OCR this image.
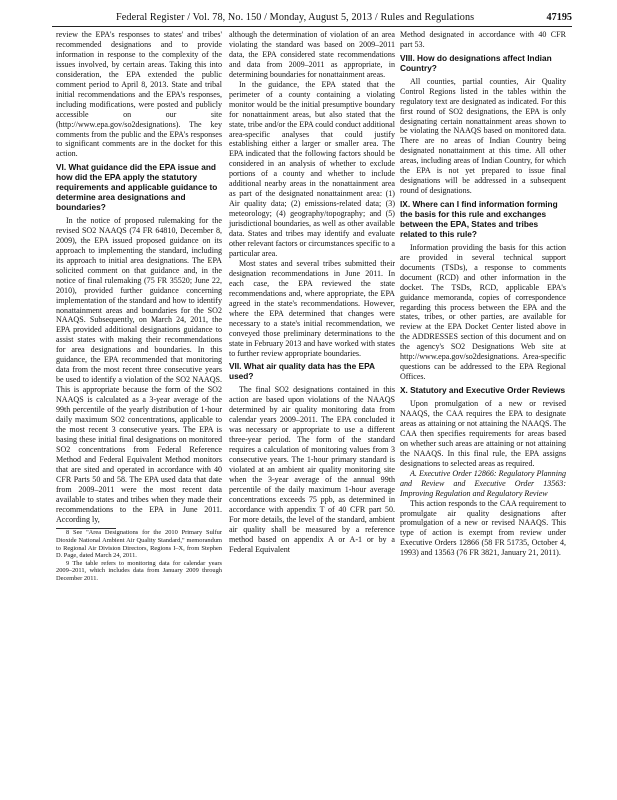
Federal Register / Vol. 78, No. 150 / Monday, August 5, 2013 / Rules and Regulations	47195

review the EPA's responses to states' and tribes' recommended designations and to provide information in response to the complexity of the issues involved, by certain areas. Taking this into consideration, the EPA extended the public comment period to April 8, 2013. State and tribal initial recommendations and the EPA's responses, including modifications, were posted and publicly accessible on our site (http://www.epa.gov/so2designations). The key comments from the public and the EPA's responses to significant comments are in the docket for this action.

VI. What guidance did the EPA issue and how did the EPA apply the statutory requirements and applicable guidance to determine area designations and boundaries?

In the notice of proposed rulemaking for the revised SO2 NAAQS (74 FR 64810, December 8, 2009), the EPA issued proposed guidance on its approach to implementing the standard, including its approach to initial area designations. The EPA solicited comment on that guidance and, in the notice of final rulemaking (75 FR 35520; June 22, 2010), provided further guidance concerning implementation of the standard and how to identify nonattainment areas and boundaries for the SO2 NAAQS. Subsequently, on March 24, 2011, the EPA provided additional designations guidance to assist states with making their recommendations for area designations and boundaries. In this guidance, the EPA recommended that monitoring data from the most recent three consecutive years be used to identify a violation of the SO2 NAAQS. This is appropriate because the form of the SO2 NAAQS is calculated as a 3-year average of the 99th percentile of the yearly distribution of 1-hour daily maximum SO2 concentrations, applicable to the most recent 3 consecutive years. The EPA is basing these initial final designations on monitored SO2 concentrations from Federal Reference Method and Federal Equivalent Method monitors that are sited and operated in accordance with 40 CFR Parts 50 and 58. The EPA used data that date from 2009–2011 were the most recent data available to states and tribes when they made their recommendations to the EPA in June 2011. According ly,

8 See "Area Designations for the 2010 Primary Sulfur Dioxide National Ambient Air Quality Standard," memorandum to Regional Air Division Directors, Regions I–X, from Stephen D. Page, dated March 24, 2011.

9 The table refers to monitoring data for calendar years 2009–2011, which includes data from January 2009 through December 2011.

although the determination of violation of an area violating the standard was based on 2009–2011 data, the EPA considered state recommendations and data from 2009–2011 as appropriate, in determining boundaries for nonattainment areas.

In the guidance, the EPA stated that the perimeter of a county containing a violating monitor would be the initial presumptive boundary for nonattainment areas, but also stated that the state, tribe and/or the EPA could conduct additional area-specific analyses that could justify establishing either a larger or smaller area. The EPA indicated that the following factors should be considered in an analysis of whether to exclude portions of a county and whether to include additional nearby areas in the nonattainment area as part of the designated nonattainment area: (1) Air quality data; (2) emissions-related data; (3) meteorology; (4) geography/topography; and (5) jurisdictional boundaries, as well as other available data. States and tribes may identify and evaluate other relevant factors or circumstances specific to a particular area.

Most states and several tribes submitted their designation recommendations in June 2011. In each case, the EPA reviewed the state recommendations and, where appropriate, the EPA agreed in the state's recommendations. However, where the EPA determined that changes were necessary to a state's initial recommendation, we conveyed those preliminary determinations to the state in February 2013 and have worked with states to further review appropriate boundaries.

VII. What air quality data has the EPA used?

The final SO2 designations contained in this action are based upon violations of the NAAQS determined by air quality monitoring data from calendar years 2009–2011. The EPA concluded it was necessary or appropriate to use a different three-year period. The form of the standard requires a calculation of monitoring values from 3 consecutive years. The 1-hour primary standard is violated at an ambient air quality monitoring site when the 3-year average of the annual 99th percentile of the daily maximum 1-hour average concentrations exceeds 75 ppb, as determined in accordance with appendix T of 40 CFR part 50. For more details, the level of the standard, ambient air quality shall be measured by a reference method based on appendix A or A-1 or by a Federal Equivalent

Method designated in accordance with 40 CFR part 53.

VIII. How do designations affect Indian Country?

All counties, partial counties, Air Quality Control Regions listed in the tables within the regulatory text are designated as indicated. For this first round of SO2 designations, the EPA is only designating certain nonattainment areas shown to be violating the NAAQS based on monitored data. There are no areas of Indian Country being designated nonattainment at this time. All other areas, including areas of Indian Country, for which the EPA is not yet prepared to issue final designations will be addressed in a subsequent round of designations.

IX. Where can I find information forming the basis for this rule and exchanges between the EPA, States and tribes related to this rule?

Information providing the basis for this action are provided in several technical support documents (TSDs), a response to comments document (RCD) and other information in the docket. The TSDs, RCD, applicable EPA's guidance memoranda, copies of correspondence regarding this process between the EPA and the states, tribes, or other parties, are available for review at the EPA Docket Center listed above in the ADDRESSES section of this document and on the agency's SO2 Designations Web site at http://www.epa.gov/so2designations. Area-specific questions can be addressed to the EPA Regional Offices.

X. Statutory and Executive Order Reviews

Upon promulgation of a new or revised NAAQS, the CAA requires the EPA to designate areas as attaining or not attaining the NAAQS. The CAA then specifies requirements for areas based on whether such areas are attaining or not attaining the NAAQS. In this final rule, the EPA assigns designations to selected areas as required.

A. Executive Order 12866: Regulatory Planning and Review and Executive Order 13563: Improving Regulation and Regulatory Review

This action responds to the CAA requirement to promulgate air quality designations after promulgation of a new or revised NAAQS. This type of action is exempt from review under Executive Orders 12866 (58 FR 51735, October 4, 1993) and 13563 (76 FR 3821, January 21, 2011).
